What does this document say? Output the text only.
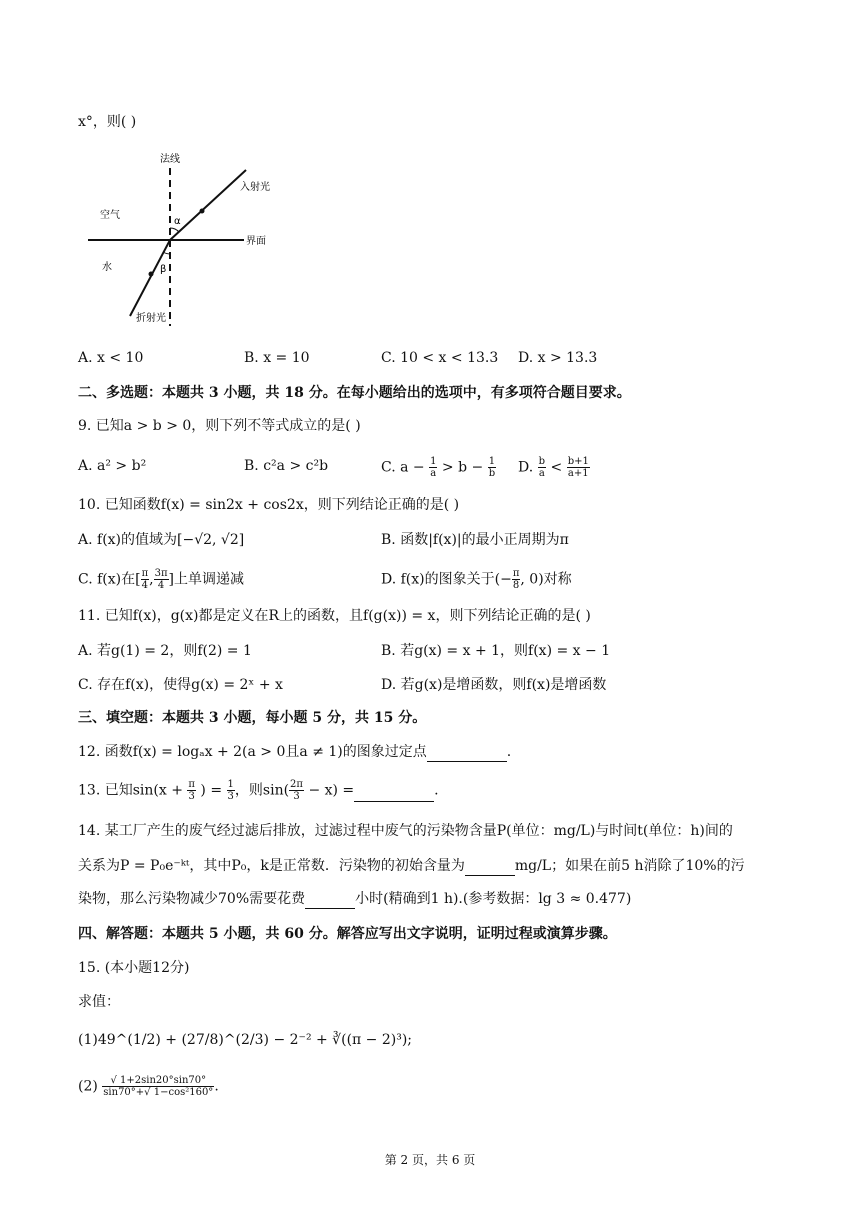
x°，则( )
法线
入射光
空气
α
界面
水	β
折射光
A. x < 10	B. x = 10	C. 10 < x < 13.3 D. x > 13.3
二、多选题：本题共 3 小题，共 18 分。在每小题给出的选项中，有多项符合题目要求。
9. 已知a > b > 0，则下列不等式成立的是( )
A. a² > b²	B. c²a > c²b	C. $a - \frac{1}{a} > b - \frac{1}{b} D$. $\frac{b}{a} < \frac{b+1}{a+1}$
10. 已知函数f(x) = sin2x + cos2x，则下列结论正确的是( )
A. f(x)的值域为[−√2, √2]	B. 函数|f(x)|的最小正周期为π
C. f(x)在[ $\frac{\pi}{4}$ , $\frac{3\pi}{4}$ ]上单调递减	D. f(x)的图象关于(− $\frac{\pi}{8}$ , 0)对称
11. 已知f(x)，g(x)都是定义在R上的函数，且f(g(x)) = x，则下列结论正确的是( )
A. 若g(1) = 2，则f(2) = 1	B. 若g(x) = x + 1，则f(x) = x − 1
C. 存在f(x)，使得g(x) = 2ˣ + x	D. 若g(x)是增函数，则f(x)是增函数
三、填空题：本题共 3 小题，每小题 5 分，共 15 分。
12. 函数f(x) = logₐx + 2(a > 0且a ≠ 1)的图象过定点	.
13. 已知$\sin(x + \frac{\pi}{3}$ ) = $\frac{1}{3}$ ，则$\sin( \frac{2\pi}{3} - x)$ =	.
14. 某工厂产生的废气经过滤后排放，过滤过程中废气的污染物含量P(单位：mg/L)与时间t(单位：h)间的
关系为P = P₀e⁻ᵏᵗ，其中P₀，k是正常数．污染物的初始含量为	mg/L；如果在前5 h消除了10%的污
染物，那么污染物减少70%需要花费	小时(精确到1 h).(参考数据：lg 3 ≈ 0.477)
四、解答题：本题共 5 小题，共 60 分。解答应写出文字说明，证明过程或演算步骤。
15. (本小题12分)
求值：
(1)49^(1/2) + (27/8)^(2/3) − 2⁻² + ∛((π − 2)³);
$(2) \frac{√ 1+2\sin 20^\circ\sin 70^\circ}{\text{sin70°+√ 1−cos²160°}}$ .
第 2 页，共 6 页
